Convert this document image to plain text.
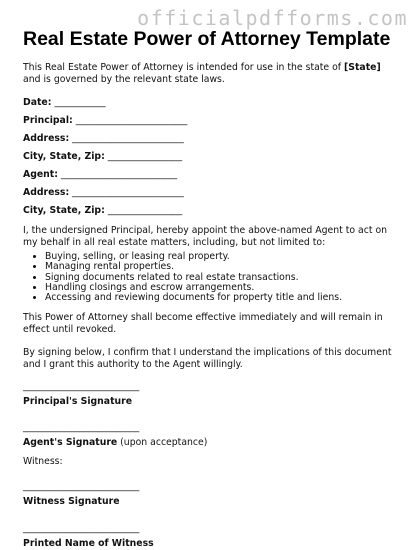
officialpdfforms.com
Real Estate Power of Attorney Template

This Real Estate Power of Attorney is intended for use in the state of [State] and is governed by the relevant state laws.

Date: ___________
Principal: ________________________
Address: ________________________
City, State, Zip: ________________
Agent: _________________________
Address: ________________________
City, State, Zip: ________________

I, the undersigned Principal, hereby appoint the above-named Agent to act on my behalf in all real estate matters, including, but not limited to:

• Buying, selling, or leasing real property.
• Managing rental properties.
• Signing documents related to real estate transactions.
• Handling closings and escrow arrangements.
• Accessing and reviewing documents for property title and liens.

This Power of Attorney shall become effective immediately and will remain in effect until revoked.

By signing below, I confirm that I understand the implications of this document and I grant this authority to the Agent willingly.

_________________________
Principal's Signature
_________________________
Agent's Signature (upon acceptance)
Witness:
_________________________
Witness Signature
_________________________
Printed Name of Witness
